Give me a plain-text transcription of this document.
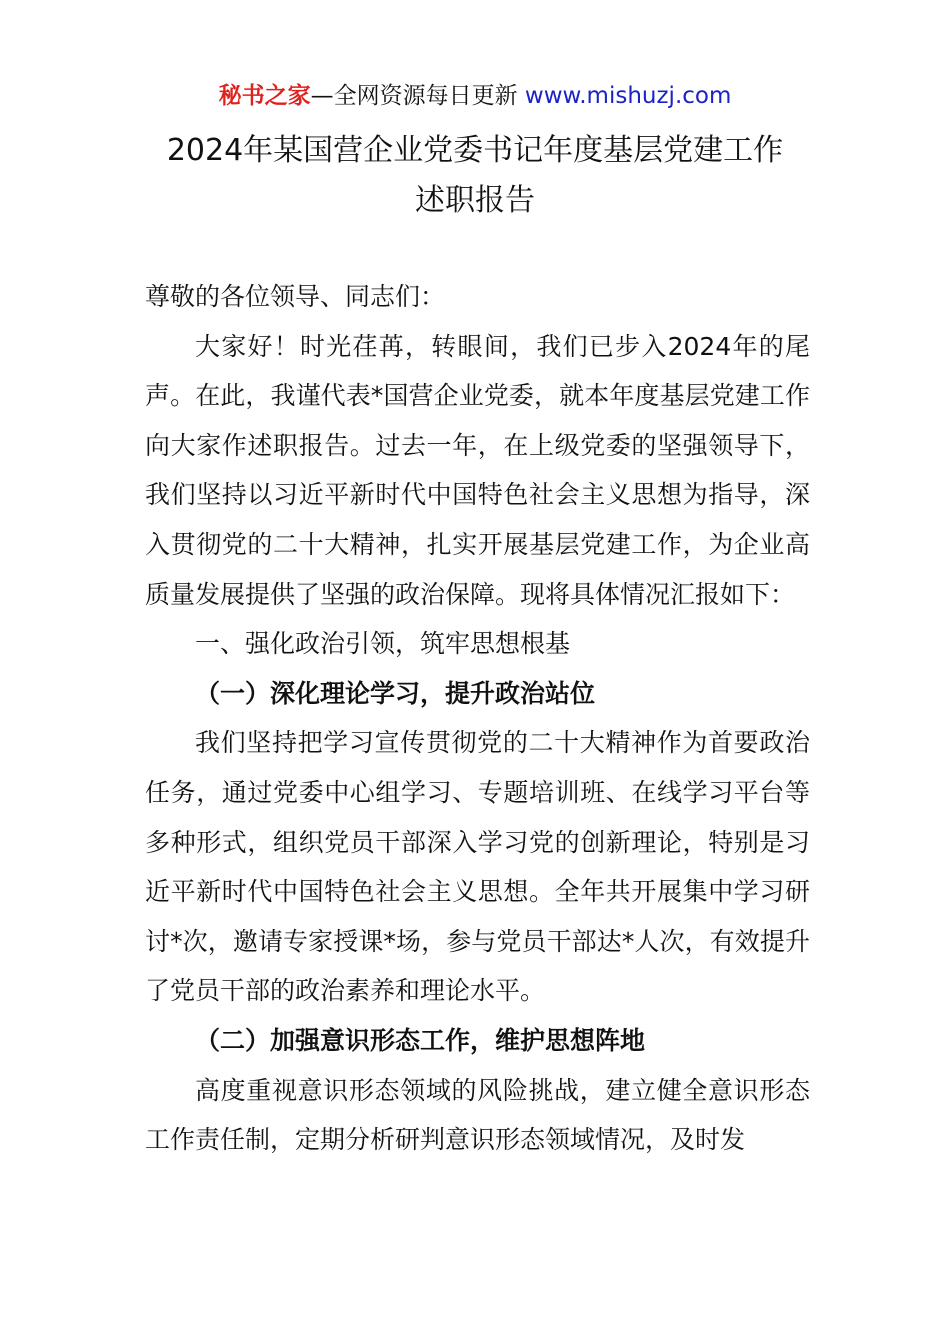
秘书之家—全网资源每日更新 www.mishuzj.com
2024年某国营企业党委书记年度基层党建工作
述职报告

尊敬的各位领导、同志们：

大家好！时光荏苒，转眼间，我们已步入2024年的尾声。在此，我谨代表*国营企业党委，就本年度基层党建工作向大家作述职报告。过去一年，在上级党委的坚强领导下，我们坚持以习近平新时代中国特色社会主义思想为指导，深入贯彻党的二十大精神，扎实开展基层党建工作，为企业高质量发展提供了坚强的政治保障。现将具体情况汇报如下：

一、强化政治引领，筑牢思想根基

（一）深化理论学习，提升政治站位

我们坚持把学习宣传贯彻党的二十大精神作为首要政治任务，通过党委中心组学习、专题培训班、在线学习平台等多种形式，组织党员干部深入学习党的创新理论，特别是习近平新时代中国特色社会主义思想。全年共开展集中学习研讨*次，邀请专家授课*场，参与党员干部达*人次，有效提升了党员干部的政治素养和理论水平。

（二）加强意识形态工作，维护思想阵地

高度重视意识形态领域的风险挑战，建立健全意识形态工作责任制，定期分析研判意识形态领域情况，及时发
